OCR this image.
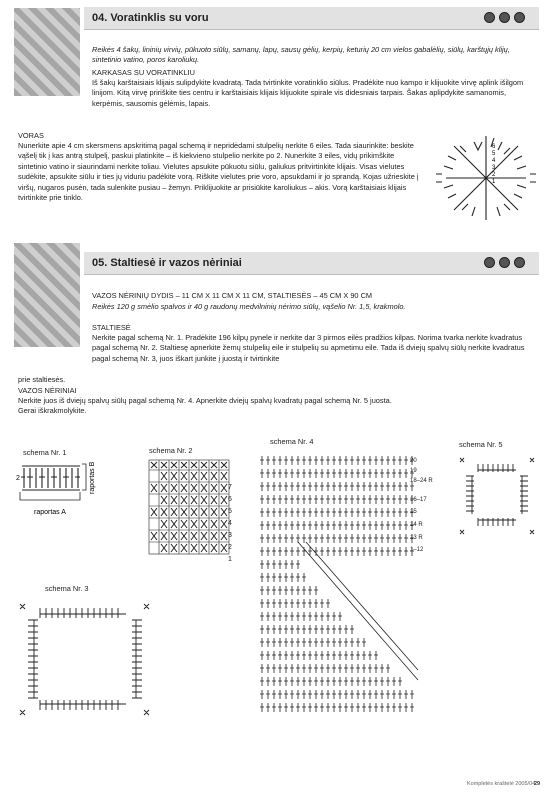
04. Voratinklis su voru
Reikės 4 šakų, lininių virvių, pūkuoto siūlų, samanų, lapų, sausų gėlių, kerpių, keturių 20 cm vielos gabalėlių, siūlų, karštųjų klijų, sintetinio vatino, poros karoliukų.
KARKASAS SU VORATINKLIU
Iš šakų karštaisiais klijais sulipdykite kvadratą. Tada tvirtinkite voratinklio siūlus. Pradėkite nuo kampo ir klijuokite virvę aplink išilgom linijom. Kitą virvę pririškite ties centru ir karštaisiais klijais klijuokite spirale vis didesniais tarpais. Šakas aplipdykite samanomis, kerpėmis, sausomis gėlėmis, lapais.
VORAS
Nunerkite apie 4 cm skersmens apskritimą pagal schemą ir nepridėdami stulpelių nerkite 6 eiles. Tada siaurinkite: beskite vąšelį tik į kas antrą stulpelį, paskui platinkite – iš kiekvieno stulpelio nerkite po 2. Nunerkite 3 eiles, vidų prikimškite sintetinio vatino ir siaurindami nerkite toliau. Vielutes apsukite pūkuotu siūlu, galiukus pritvirtinkite klijais. Visas vielutes sudėkite, apsukite siūlu ir ties jų viduriu padėkite vorą. Riškite vielutes prie voro, apsukdami ir jo sprandą. Kojas užrieskite į viršų, nugaros pusėn, tada sulenkite pusiau – žemyn. Priklijuokite ar prisiūkite karoliukus – akis. Vorą karštaisiais klijais tvirtinkite prie tinklo.
6
5
4
3
2
1
05. Staltiesė ir vazos nėriniai
VAZOS NĖRINIŲ DYDIS – 11 CM X 11 CM X 11 CM, STALTIESĖS – 45 CM X 90 CM
Reikės 120 g smėlio spalvos ir 40 g raudonų medvilninių nėrimo siūlų, vąšelio Nr. 1,5, krakmolo.
STALTIESĖ
Nerkite pagal schemą Nr. 1. Pradėkite 196 kilpų pynele ir nerkite dar 3 pirmos eilės pradžios kilpas. Norima tvarka nerkite kvadratus pagal schemą Nr. 2. Staltiesę apnerkite žemų stulpelių eile ir stulpelių su apmetimu eile. Tada iš dviejų spalvų siūlų nerkite kvadratus pagal schemą Nr. 3, juos iškart junkite į juostą ir tvirtinkite
prie staltiesės.
VAZOS NĖRINIAI
Nerkite juos iš dviejų spalvų siūlų pagal schemą Nr. 4. Apnerkite dviejų spalvų kvadratų pagal schemą Nr. 5 juosta.
Gerai iškrakmolykite.
schema Nr. 1
2
raportas A
raportas B
schema Nr. 2
7
6
5
4
3
2
1
schema Nr. 3
schema Nr. 4
20
19
18–24 R
16–17
15
14 R
13 R
1–12
schema Nr. 5
Kompletės kraštelė 2005/04
29
